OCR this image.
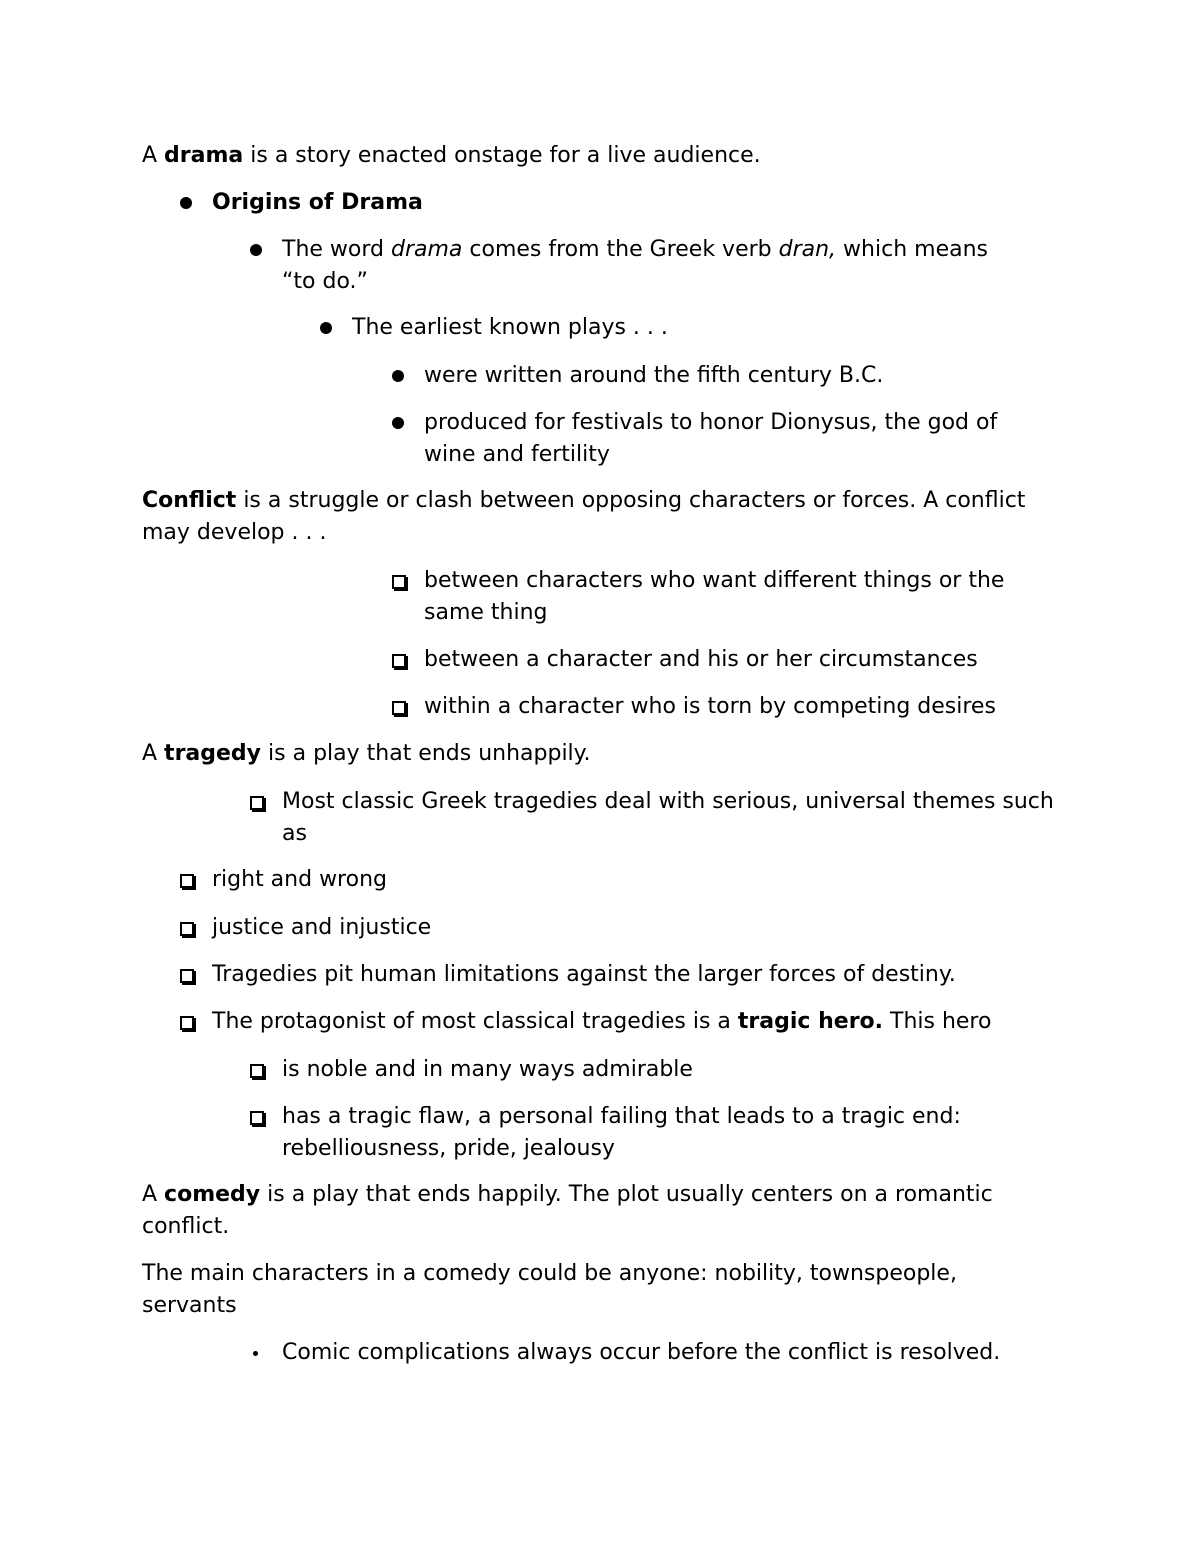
A drama is a story enacted onstage for a live audience.
Origins of Drama
The word drama comes from the Greek verb dran, which means
“to do.”
The earliest known plays . . .
were written around the fifth century B.C.
produced for festivals to honor Dionysus, the god of wine and fertility
Conflict is a struggle or clash between opposing characters or forces. A conflict may develop . . .
between characters who want different things or the same thing
between a character and his or her circumstances
within a character who is torn by competing desires
A tragedy is a play that ends unhappily.
Most classic Greek tragedies deal with serious, universal themes such as
right and wrong
justice and injustice
Tragedies pit human limitations against the larger forces of destiny.
The protagonist of most classical tragedies is a tragic hero. This hero
is noble and in many ways admirable
has a tragic flaw, a personal failing that leads to a tragic end: rebelliousness, pride, jealousy
A comedy is a play that ends happily. The plot usually centers on a romantic conflict.
The main characters in a comedy could be anyone: nobility, townspeople, servants
Comic complications always occur before the conflict is resolved.
